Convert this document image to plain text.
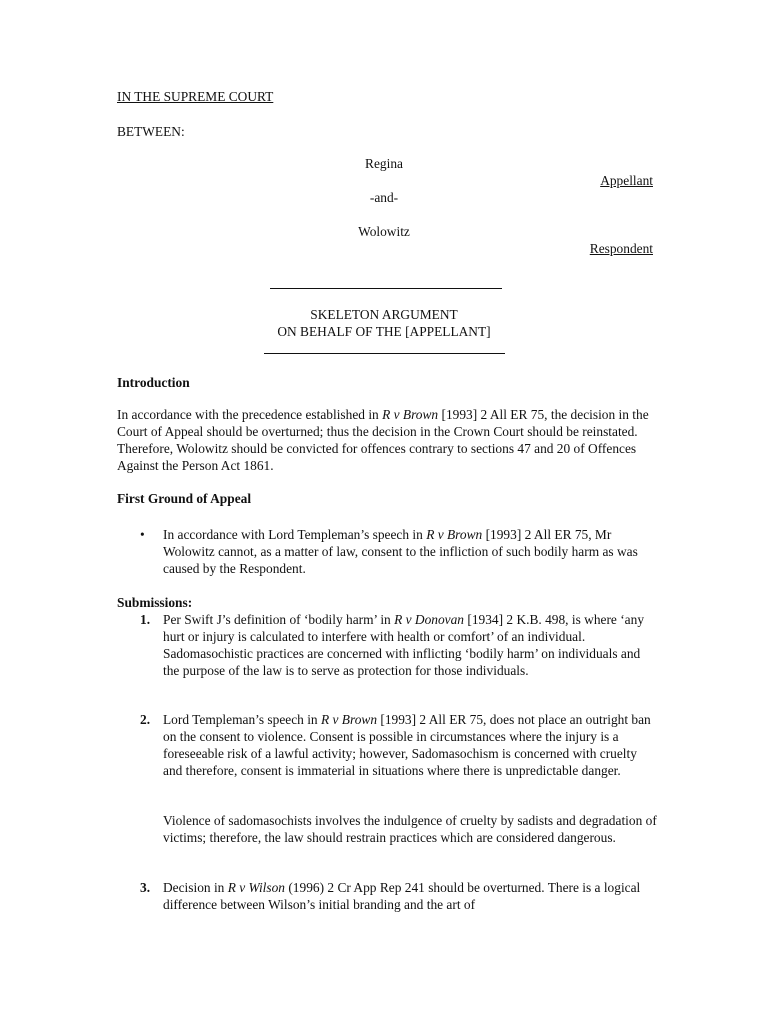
IN THE SUPREME COURT
BETWEEN:
Regina
Appellant
-and-
Wolowitz
Respondent
SKELETON ARGUMENT
ON BEHALF OF THE [APPELLANT]
Introduction
In accordance with the precedence established in R v Brown [1993] 2 All ER 75, the decision in the Court of Appeal should be overturned; thus the decision in the Crown Court should be reinstated. Therefore, Wolowitz should be convicted for offences contrary to sections 47 and 20 of Offences Against the Person Act 1861.
First Ground of Appeal
• In accordance with Lord Templeman’s speech in R v Brown [1993] 2 All ER 75, Mr Wolowitz cannot, as a matter of law, consent to the infliction of such bodily harm as was caused by the Respondent.
Submissions:
1. Per Swift J’s definition of ‘bodily harm’ in R v Donovan [1934] 2 K.B. 498, is where ‘any hurt or injury is calculated to interfere with health or comfort’ of an individual. Sadomasochistic practices are concerned with inflicting ‘bodily harm’ on individuals and the purpose of the law is to serve as protection for those individuals.
2. Lord Templeman’s speech in R v Brown [1993] 2 All ER 75, does not place an outright ban on the consent to violence. Consent is possible in circumstances where the injury is a foreseeable risk of a lawful activity; however, Sadomasochism is concerned with cruelty and therefore, consent is immaterial in situations where there is unpredictable danger.
Violence of sadomasochists involves the indulgence of cruelty by sadists and degradation of victims; therefore, the law should restrain practices which are considered dangerous.
3. Decision in R v Wilson (1996) 2 Cr App Rep 241 should be overturned. There is a logical difference between Wilson’s initial branding and the art of
